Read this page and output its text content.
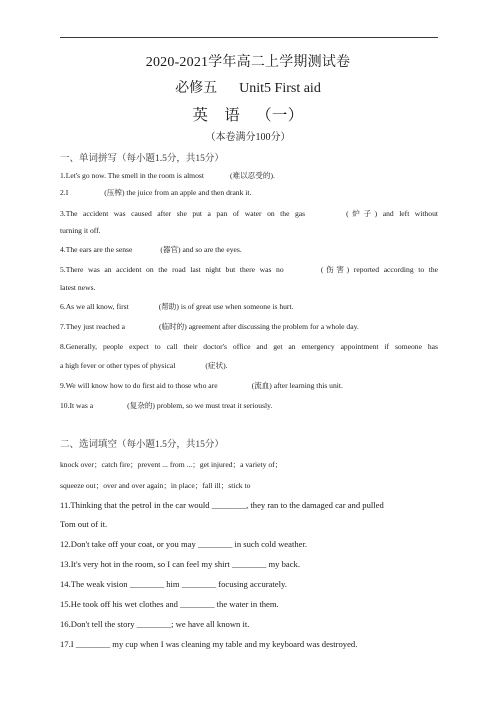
2020-2021学年高二上学期测试卷
必修五 Unit5 First aid
英 语 （一）
（本卷满分100分）
一、单词拼写（每小题1.5分，共15分）
1.Let's go now. The smell in the room is almost	(难以忍受的).
2.I	(压榨) the juice from an apple and then drank it.
3.The accident was caused after she put a pan of water on the gas	(炉子) and left without
turning it off.
4.The ears are the sense	(器官) and so are the eyes.
5.There was an accident on the road last night but there was no	(伤害) reported according to the
latest news.
6.As we all know, first	(帮助) is of great use when someone is hurt.
7.They just reached a	(临时的) agreement after discussing the problem for a whole day.
8.Generally, people expect to call their doctor's office and get an emergency appointment if someone has
a high fever or other types of physical	(症状).
9.We will know how to do first aid to those who are	(流血) after learning this unit.
10.It was a	(复杂的) problem, so we must treat it seriously.
二、选词填空（每小题1.5分，共15分）
knock over；catch fire；prevent ... from ...；get injured；a variety of；
squeeze out；over and over again；in place；fall ill；stick to
11.Thinking that the petrol in the car would ________, they ran to the damaged car and pulled
Tom out of it.
12.Don't take off your coat, or you may ________ in such cold weather.
13.It's very hot in the room, so I can feel my shirt ________ my back.
14.The weak vision ________ him ________ focusing accurately.
15.He took off his wet clothes and ________ the water in them.
16.Don't tell the story ________; we have all known it.
17.I ________ my cup when I was cleaning my table and my keyboard was destroyed.
